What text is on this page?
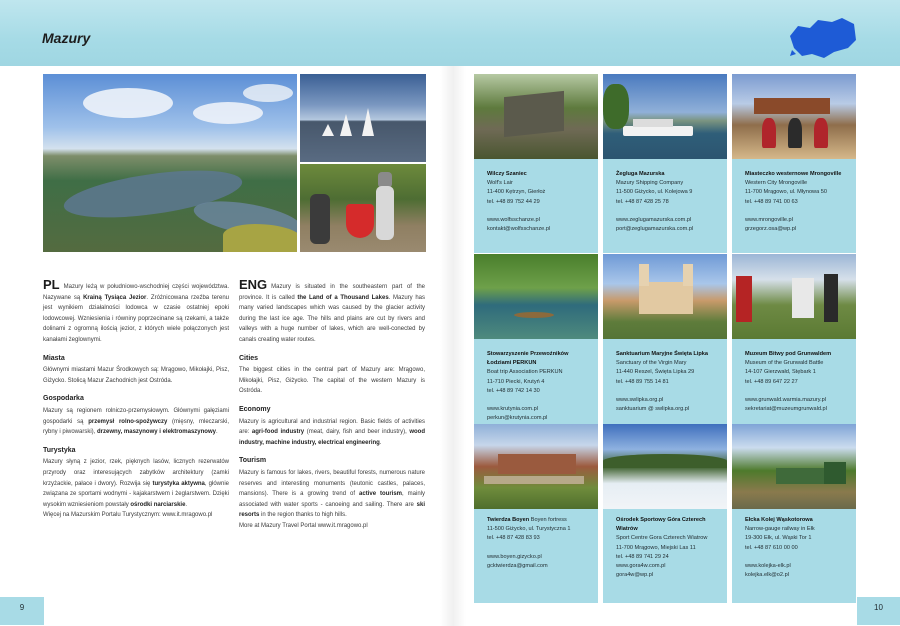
Mazury

PL Mazury leżą w południowo-wschodniej części województwa. Nazywane są Krainą Tysiąca Jezior. Zróżnicowana rzeźba terenu jest wynikiem działalności lodowca w czasie ostatniej epoki lodowcowej. Wzniesienia i równiny poprzecinane są rzekami, a także dolinami z ogromną ilością jezior, z których wiele połączonych jest kanałami żeglownymi.

Miasta

Głównymi miastami Mazur Środkowych są: Mrągowo, Mikołajki, Pisz, Giżycko. Stolicą Mazur Zachodnich jest Ostróda.

Gospodarka

Mazury są regionem rolniczo-przemysłowym. Głównymi gałęziami gospodarki są przemysł rolno-spożywczy (mięsny, mleczarski, rybny i piwowarski), drzewny, maszynowy i elektromaszynowy.

Turystyka

Mazury słyną z jezior, rzek, pięknych lasów, licznych rezerwatów przyrody oraz interesujących zabytków architektury (zamki krzyżackie, pałace i dwory). Rozwija się turystyka aktywna, głównie związana ze sportami wodnymi - kajakarstwem i żeglarstwem. Dzięki wysokim wzniesieniom powstały ośrodki narciarskie.

Więcej na Mazurskim Portalu Turystycznym: www.it.mragowo.pl

ENG Mazury is situated in the southeastern part of the province. It is called the Land of a Thousand Lakes. Mazury has many varied landscapes which was caused by the glacier activity during the last ice age. The hills and plains are cut by rivers and valleys with a huge number of lakes, which are well-conected by canals creating water routes.

Cities

The biggest cities in the central part of Mazury are: Mrągowo, Mikołajki, Pisz, Giżycko. The capital of the western Mazury is Ostróda.

Economy

Mazury is agricultural and industrial region. Basic fields of activities are: agri-food industry (meat, dairy, fish and beer industry), wood industry, machine industry, electrical engineering.

Tourism

Mazury is famous for lakes, rivers, beautiful forests, numerous nature reserves and interesting monuments (teutonic castles, palaces, mansions). There is a growing trend of active tourism, mainly associated with water sports - canoeing and sailing. There are ski resorts in the region thanks to high hills.

More at Mazury Travel Portal www.it.mragowo.pl

Wilczy Szaniec
Wolf's Lair
11-400 Kętrzyn, Gierłoż
tel. +48 89 752 44 29
www.wolfsschanze.pl
kontakt@wolfsschanze.pl
Żegluga Mazurska
Mazury Shipping Company
11-500 Giżycko, ul. Kolejowa 9
tel. +48 87 428 25 78
www.zeglugamazurska.com.pl
port@zeglugamazurska.com.pl
Miasteczko westernowe Mrongoville
Western City Mrongoville
11-700 Mrągowo, ul. Młynowa 50
tel. +48 89 741 00 63
www.mrongoville.pl
grzegorz.osa@wp.pl
Stowarzyszenie Przewoźników Łodziami PERKUN
Boat trip Association PERKUN
11-710 Piecki, Krutyń 4
tel. +48 89 742 14 30
www.krutynia.com.pl
perkun@krutynia.com.pl
Sanktuarium Maryjne Święta Lipka
Sanctuary of the Virgin Mary
11-440 Reszel, Święta Lipka 29
tel. +48 89 755 14 81
www.swlipka.org.pl
sanktuarium @ swlipka.org.pl
Muzeum Bitwy pod Grunwaldem
Museum of the Grunwald Battle
14-107 Gierzwałd, Stębark 1
tel. +48 89 647 22 27
www.grunwald.warmia.mazury.pl
sekretariat@muzeumgrunwald.pl
Twierdza Boyen Boyen fortress
11-500 Giżycko, ul. Turystyczna 1
tel. +48 87 428 83 93
www.boyen.gizycko.pl
gcktwierdza@gmail.com
Ośrodek Sportowy Góra Czterech Wiatrów
Sport Centre Gora Czterech Wiatrow
11-700 Mrągowo, Miejski Las 11
tel. +48 89 741 29 24
www.gora4w.com.pl
gora4w@wp.pl
Ełcka Kolej Wąskotorowa
Narrow-gauge railway in Ełk
19-300 Ełk, ul. Wąski Tor 1
tel. +48 87 610 00 00
www.kolejka-elk.pl
kolejka.elk@o2.pl
9	10
